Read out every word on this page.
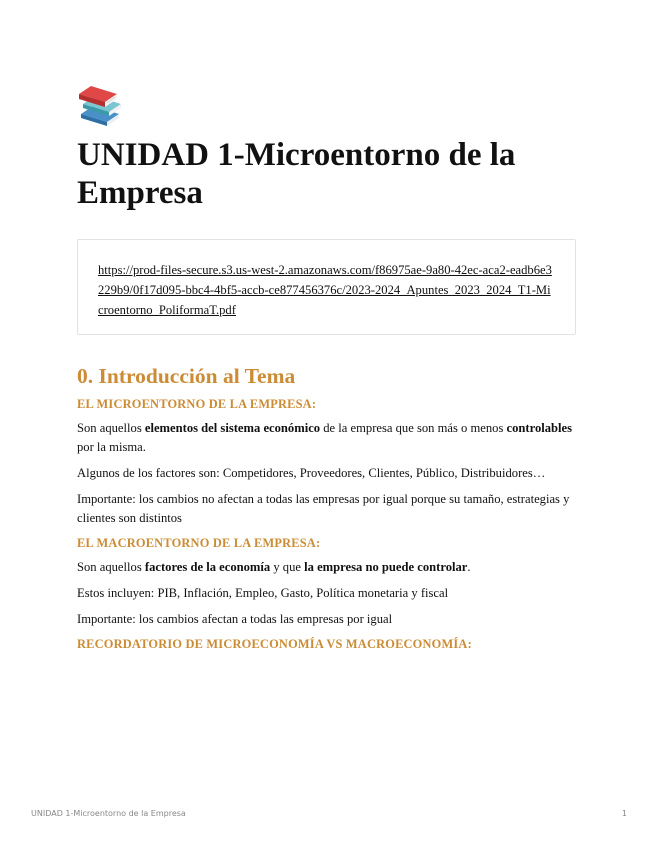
UNIDAD 1-Microentorno de la Empresa
https://prod-files-secure.s3.us-west-2.amazonaws.com/f86975ae-9a80-42ec-aca2-eadb6e3229b9/0f17d095-bbc4-4bf5-accb-ce877456376c/2023-2024_Apuntes_2023_2024_T1-Microentorno_PoliformaT.pdf
0. Introducción al Tema
EL MICROENTORNO DE LA EMPRESA:

Son aquellos elementos del sistema económico de la empresa que son más o menos controlables por la misma.

Algunos de los factores son: Competidores, Proveedores, Clientes, Público, Distribuidores…

Importante: los cambios no afectan a todas las empresas por igual porque su tamaño, estrategias y clientes son distintos

EL MACROENTORNO DE LA EMPRESA:

Son aquellos factores de la economía y que la empresa no puede controlar.

Estos incluyen: PIB, Inflación, Empleo, Gasto, Política monetaria y fiscal

Importante: los cambios afectan a todas las empresas por igual

RECORDATORIO DE MICROECONOMÍA VS MACROECONOMÍA:
UNIDAD 1-Microentorno de la Empresa	1
